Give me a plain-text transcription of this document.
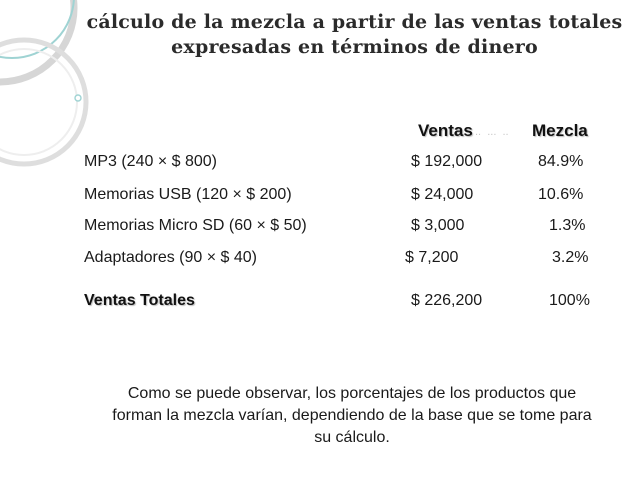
cálculo de la mezcla a partir de las ventas totales
expresadas en términos de dinero
Ventas ..  ...  .. Mezcla
MP3 (240 × $ 800)	$ 192,000	84.9%
Memorias USB (120 × $ 200)	$ 24,000	10.6%
Memorias Micro SD (60 × $ 50)	$ 3,000	1.3%
Adaptadores (90 × $ 40)	$ 7,200	3.2%
Ventas Totales	$ 226,200	100%
Como se puede observar, los porcentajes de los productos que
forman la mezcla varían, dependiendo de la base que se tome para
su cálculo.
